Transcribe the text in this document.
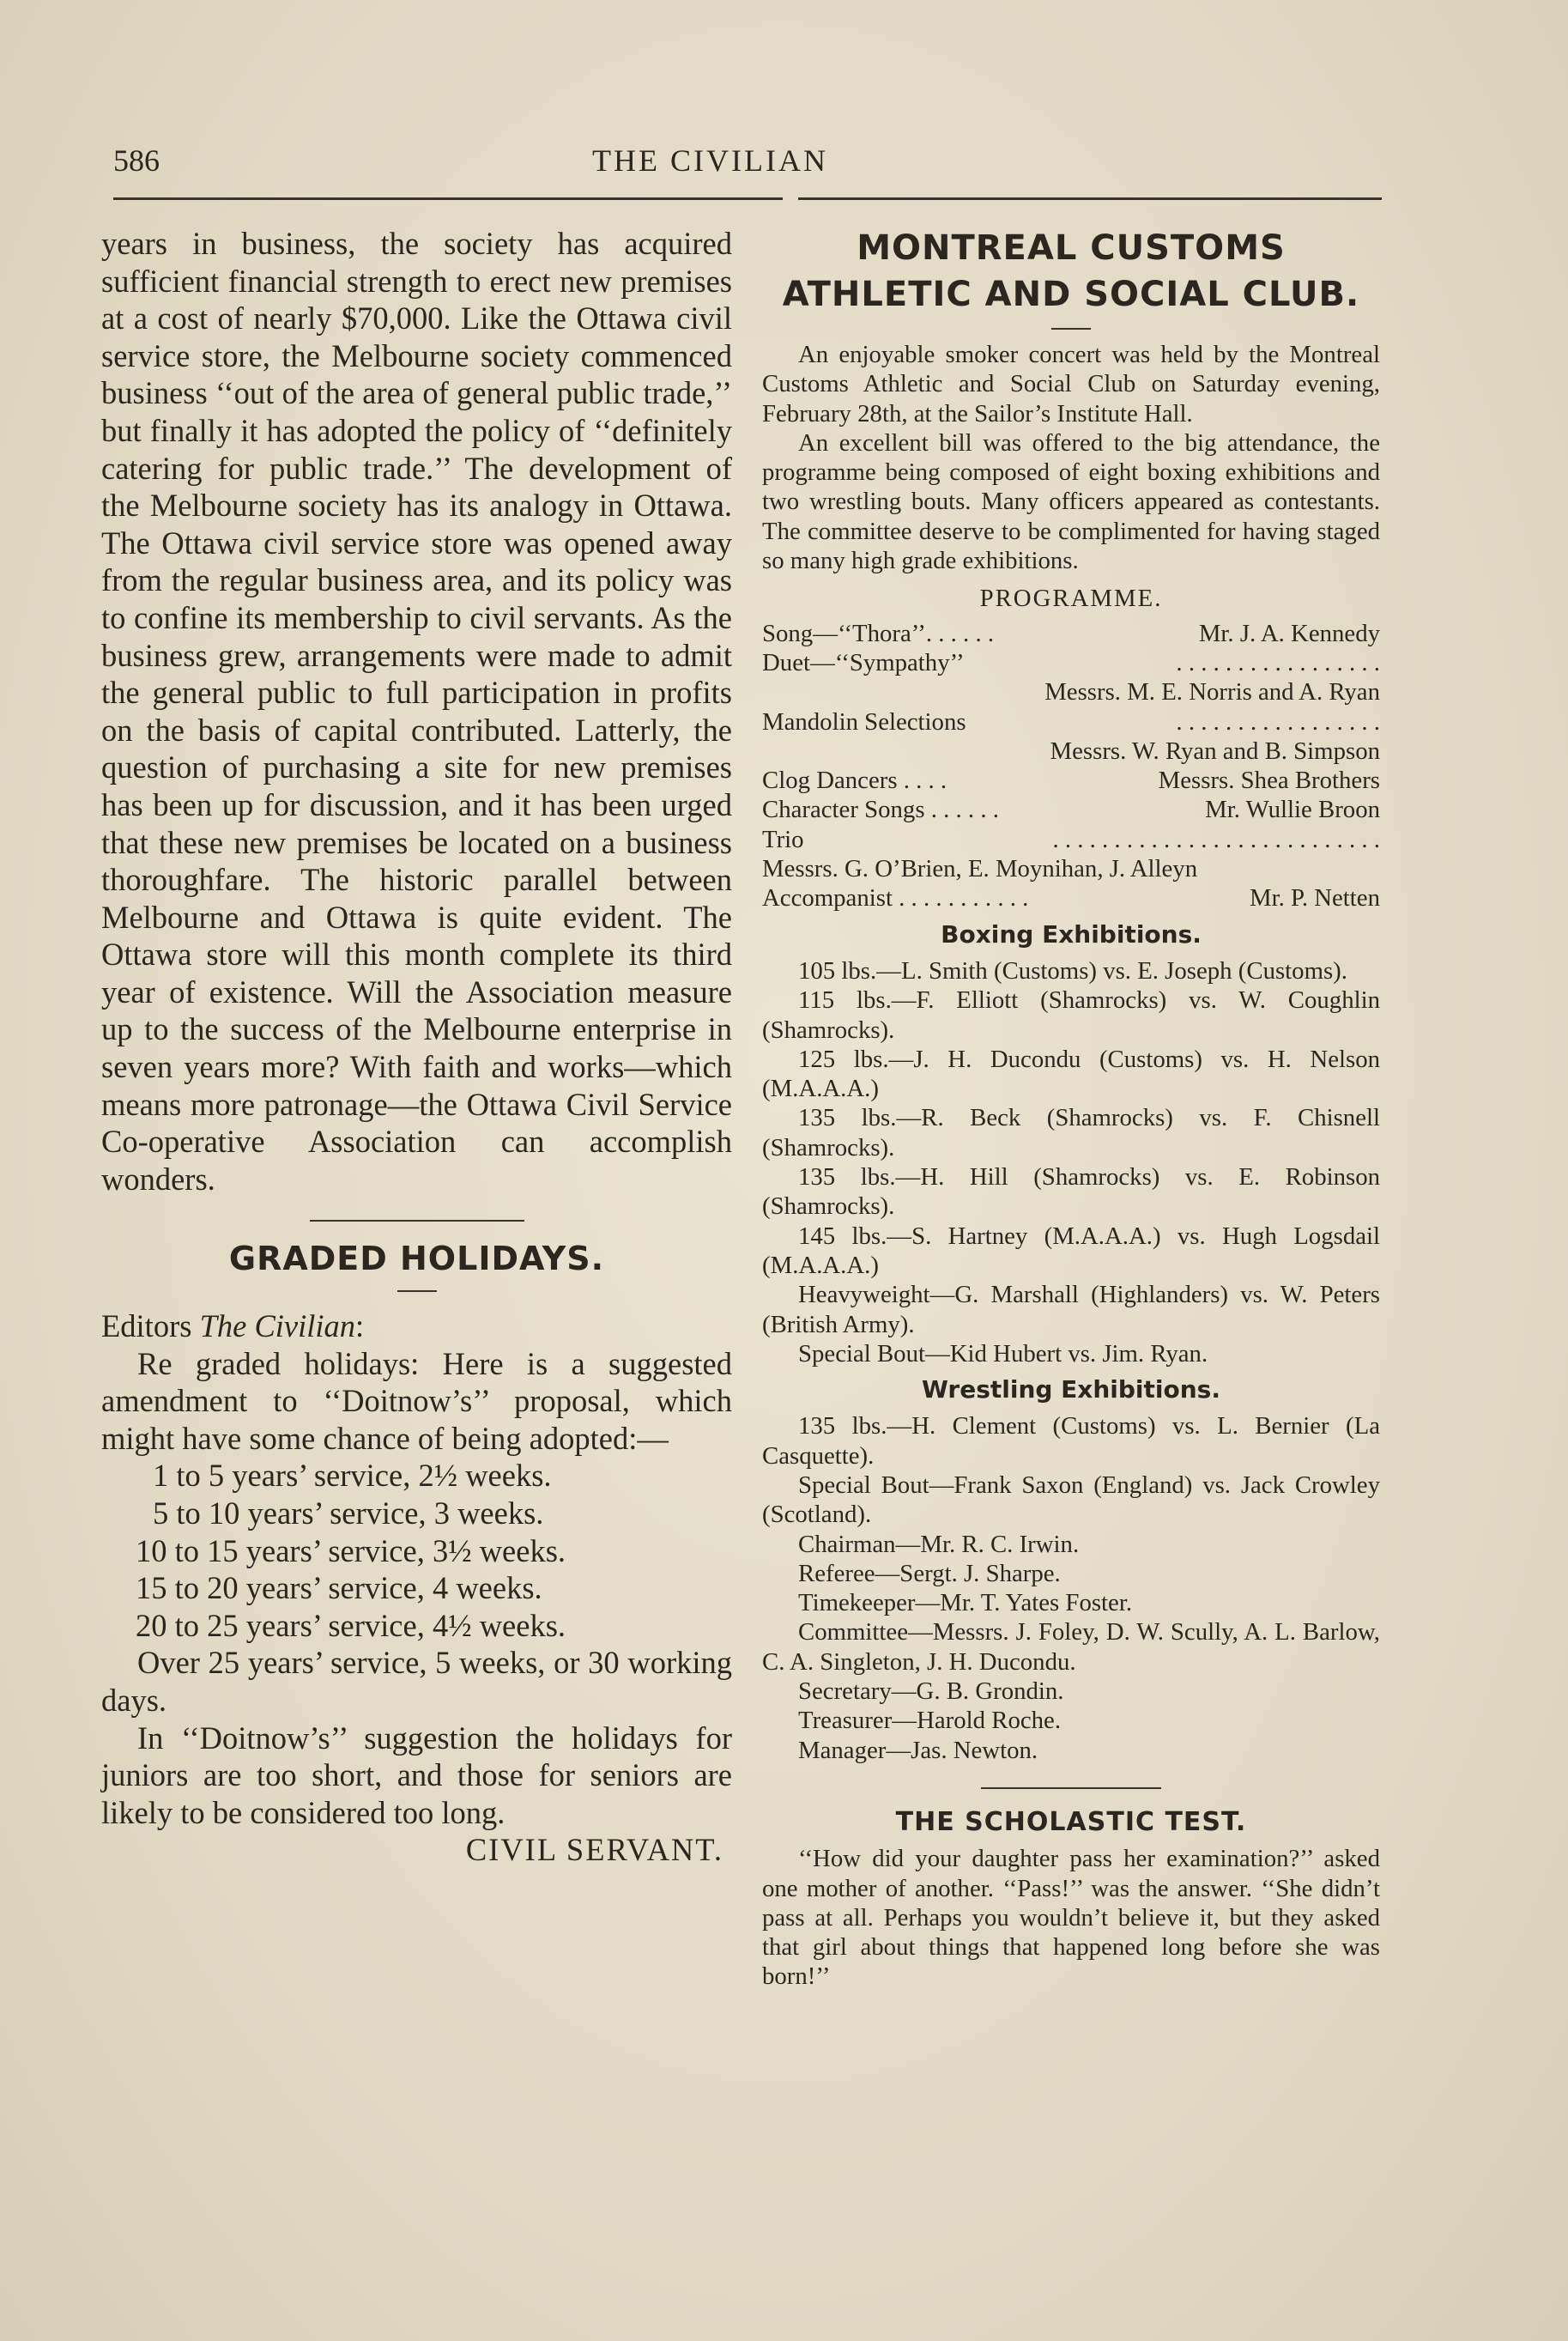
586	THE CIVILIAN

years in business, the society has acquired sufficient financial strength to erect new premises at a cost of nearly $70,000. Like the Ottawa civil service store, the Melbourne society commenced business ‘‘out of the area of general public trade,’’ but finally it has adopted the policy of ‘‘definitely catering for public trade.’’ The development of the Melbourne society has its analogy in Ottawa. The Ottawa civil service store was opened away from the regular business area, and its policy was to confine its membership to civil servants. As the business grew, arrangements were made to admit the general public to full participation in profits on the basis of capital contributed. Latterly, the question of purchasing a site for new premises has been up for discussion, and it has been urged that these new premises be located on a business thoroughfare. The historic parallel between Melbourne and Ottawa is quite evident. The Ottawa store will this month complete its third year of existence. Will the Association measure up to the success of the Melbourne enterprise in seven years more? With faith and works—which means more patronage—the Ottawa Civil Service Co-operative Association can accomplish wonders.

GRADED HOLIDAYS.

Editors The Civilian:

Re graded holidays: Here is a suggested amendment to ‘‘Doitnow’s’’ proposal, which might have some chance of being adopted:—

1 to 5 years’ service, 2½ weeks.

5 to 10 years’ service, 3 weeks.

10 to 15 years’ service, 3½ weeks.

15 to 20 years’ service, 4 weeks.

20 to 25 years’ service, 4½ weeks.

Over 25 years’ service, 5 weeks, or 30 working days.

In ‘‘Doitnow’s’’ suggestion the holidays for juniors are too short, and those for seniors are likely to be considered too long.

CIVIL SERVANT.

MONTREAL CUSTOMS ATHLETIC AND SOCIAL CLUB.

An enjoyable smoker concert was held by the Montreal Customs Athletic and Social Club on Saturday evening, February 28th, at the Sailor’s Institute Hall.

An excellent bill was offered to the big attendance, the programme being composed of eight boxing exhibitions and two wrestling bouts. Many officers appeared as contestants. The committee deserve to be complimented for having staged so many high grade exhibitions.

PROGRAMME.
Song—‘‘Thora’’. . . . . .	Mr. J. A. Kennedy
Duet—‘‘Sympathy’’	. . . . . . . . . . . . . . . . .
Messrs. M. E. Norris and A. Ryan
Mandolin Selections	. . . . . . . . . . . . . . . . .
Messrs. W. Ryan and B. Simpson
Clog Dancers . . . .	Messrs. Shea Brothers
Character Songs . . . . . .	Mr. Wullie Broon
Trio	. . . . . . . . . . . . . . . . . . . . . . . . . . .
Messrs. G. O’Brien, E. Moynihan, J. Alleyn
Accompanist . . . . . . . . . . .	Mr. P. Netten
Boxing Exhibitions.

105 lbs.—L. Smith (Customs) vs. E. Joseph (Customs).

115 lbs.—F. Elliott (Shamrocks) vs. W. Coughlin (Shamrocks).

125 lbs.—J. H. Ducondu (Customs) vs. H. Nelson (M.A.A.A.)

135 lbs.—R. Beck (Shamrocks) vs. F. Chisnell (Shamrocks).

135 lbs.—H. Hill (Shamrocks) vs. E. Robinson (Shamrocks).

145 lbs.—S. Hartney (M.A.A.A.) vs. Hugh Logsdail (M.A.A.A.)

Heavyweight—G. Marshall (Highlanders) vs. W. Peters (British Army).

Special Bout—Kid Hubert vs. Jim. Ryan.

Wrestling Exhibitions.

135 lbs.—H. Clement (Customs) vs. L. Bernier (La Casquette).

Special Bout—Frank Saxon (England) vs. Jack Crowley (Scotland).

Chairman—Mr. R. C. Irwin.

Referee—Sergt. J. Sharpe.

Timekeeper—Mr. T. Yates Foster.

Committee—Messrs. J. Foley, D. W. Scully, A. L. Barlow, C. A. Singleton, J. H. Ducondu.

Secretary—G. B. Grondin.

Treasurer—Harold Roche.

Manager—Jas. Newton.

THE SCHOLASTIC TEST.

‘‘How did your daughter pass her examination?’’ asked one mother of another. ‘‘Pass!’’ was the answer. ‘‘She didn’t pass at all. Perhaps you wouldn’t believe it, but they asked that girl about things that happened long before she was born!’’
